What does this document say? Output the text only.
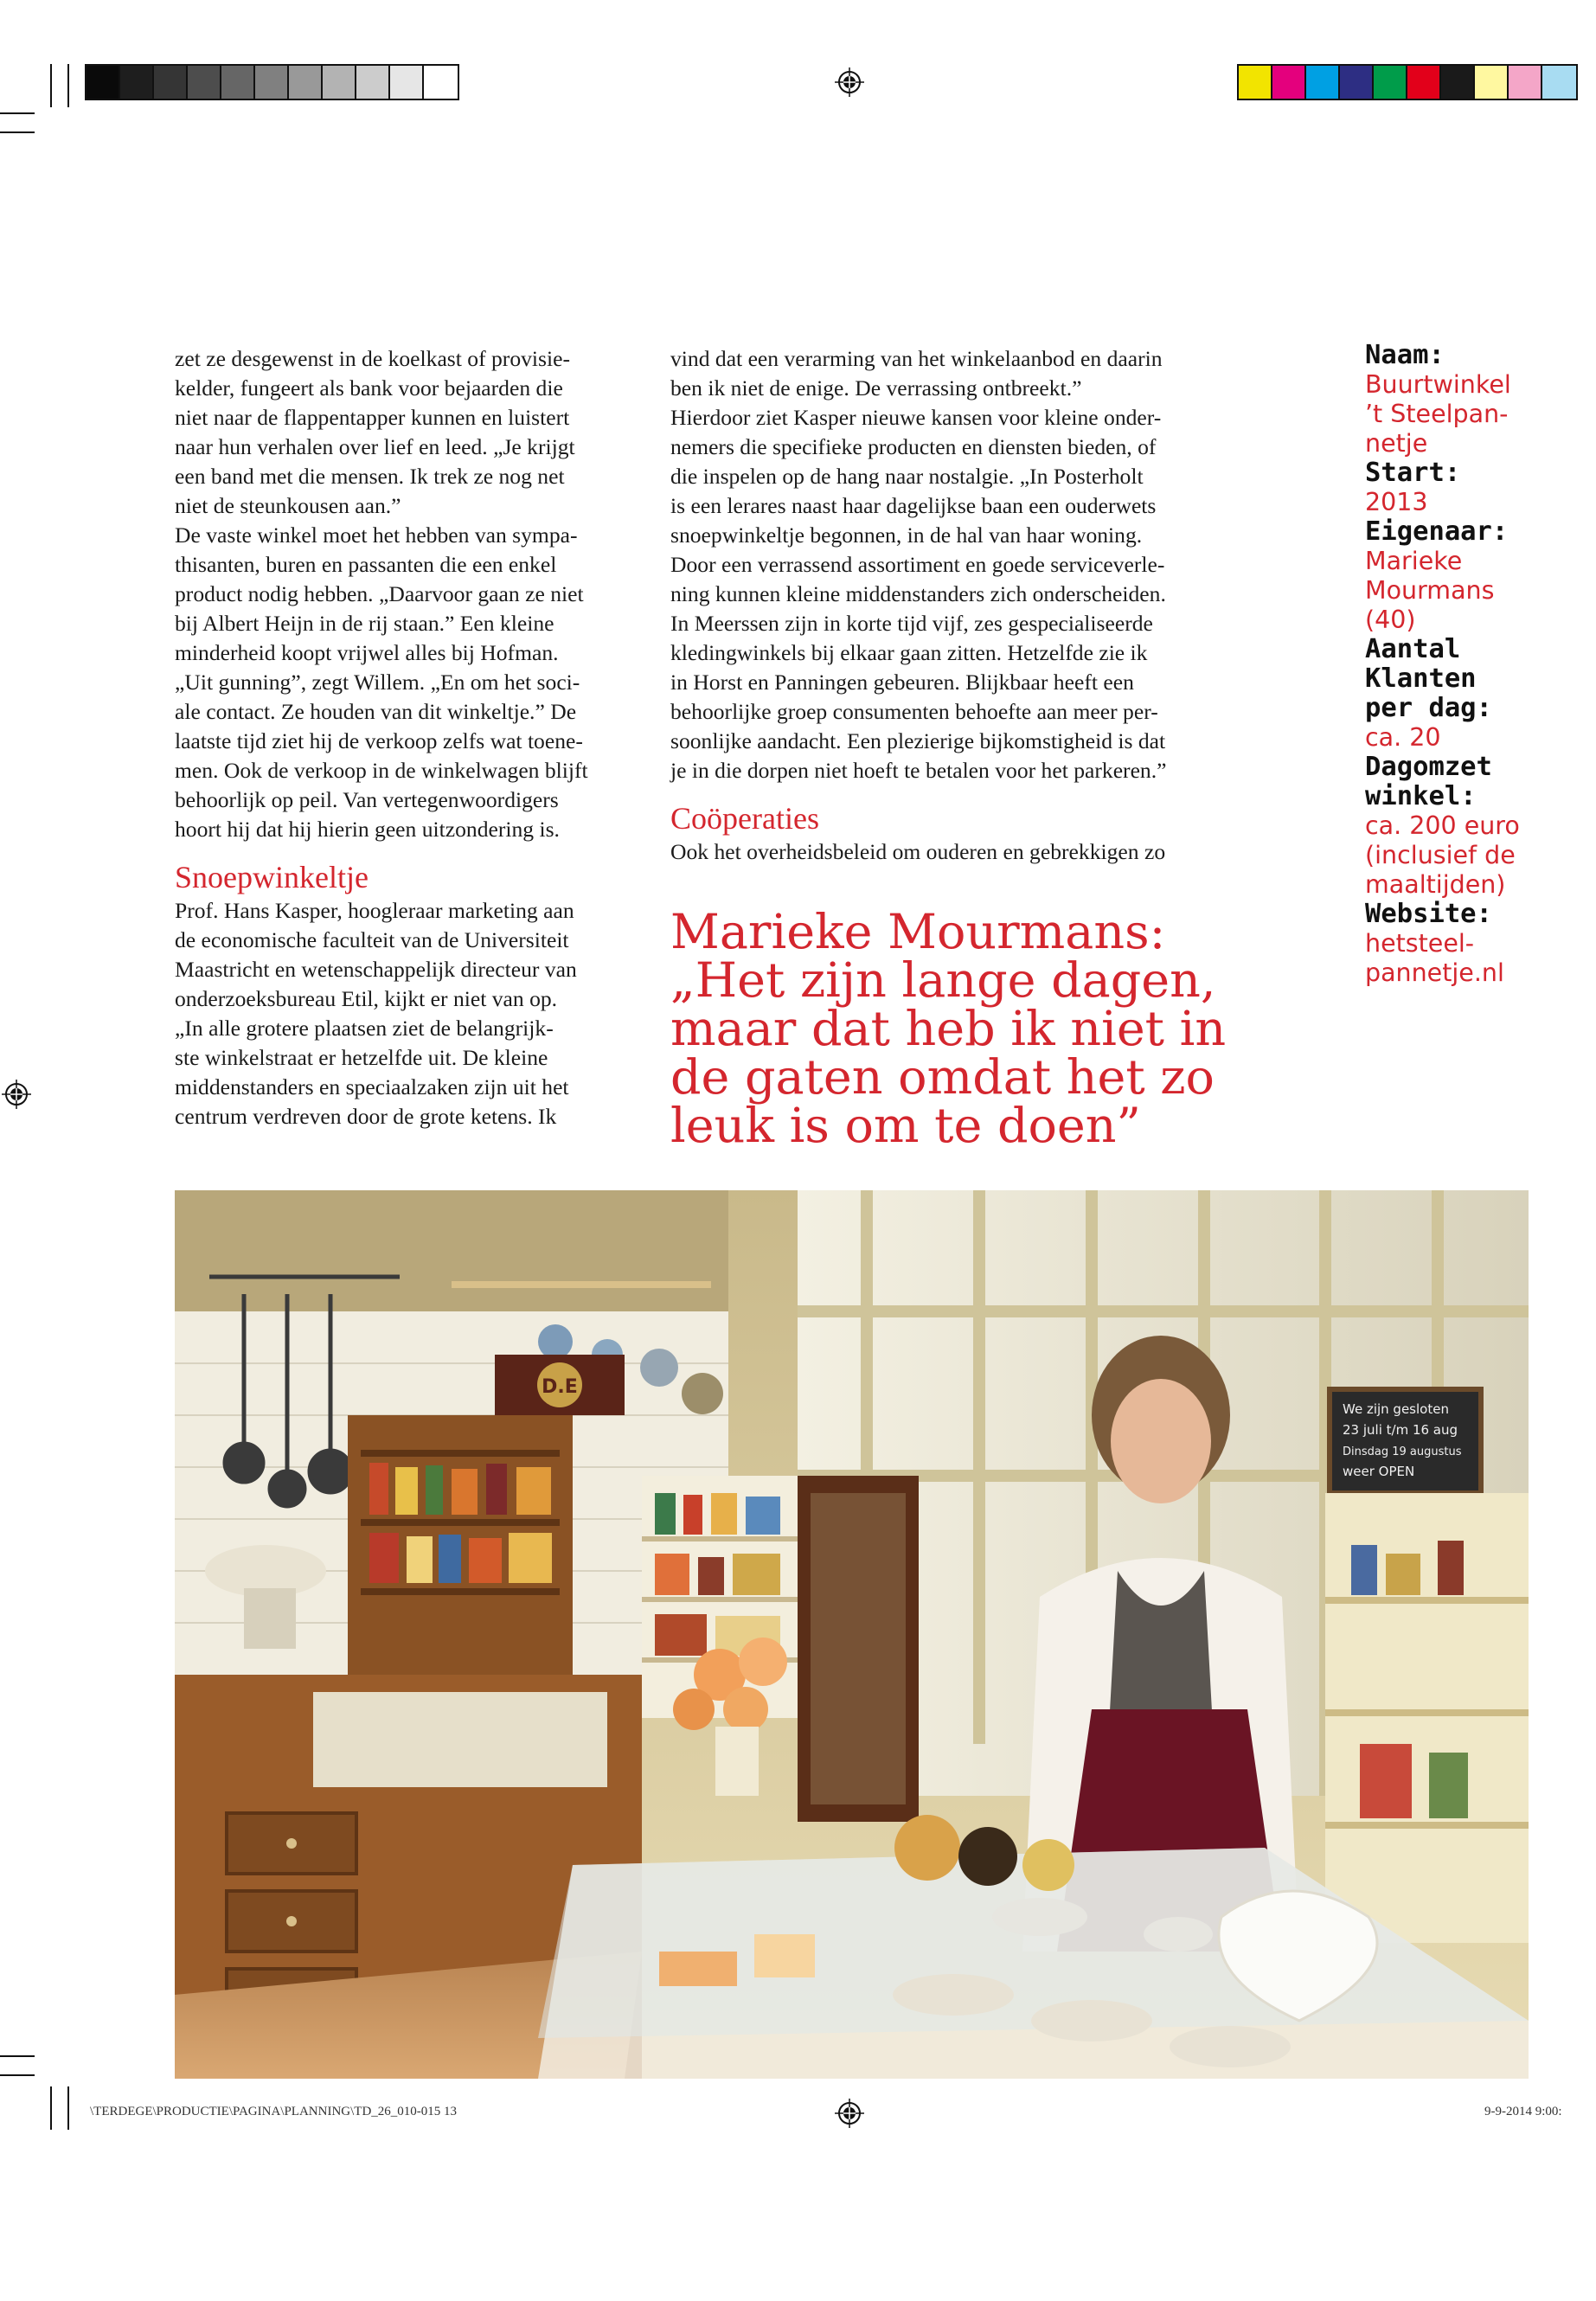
zet ze desgewenst in de koelkast of provisie-

kelder, fungeert als bank voor bejaarden die

niet naar de flappentapper kunnen en luistert

naar hun verhalen over lief en leed. „Je krijgt

een band met die mensen. Ik trek ze nog net

niet de steunkousen aan.”

De vaste winkel moet het hebben van sympa-

thisanten, buren en passanten die een enkel

product nodig hebben. „Daarvoor gaan ze niet

bij Albert Heijn in de rij staan.” Een kleine

minderheid koopt vrijwel alles bij Hofman.

„Uit gunning”, zegt Willem. „En om het soci-

ale contact. Ze houden van dit winkeltje.” De

laatste tijd ziet hij de verkoop zelfs wat toene-

men. Ook de verkoop in de winkelwagen blijft

behoorlijk op peil. Van vertegenwoordigers

hoort hij dat hij hierin geen uitzondering is.

Snoepwinkeltje

Prof. Hans Kasper, hoogleraar marketing aan

de economische faculteit van de Universiteit

Maastricht en wetenschappelijk directeur van

onderzoeksbureau Etil, kijkt er niet van op.

„In alle grotere plaatsen ziet de belangrijk-

ste winkelstraat er hetzelfde uit. De kleine

middenstanders en speciaalzaken zijn uit het

centrum verdreven door de grote ketens. Ik

vind dat een verarming van het winkelaanbod en daarin

ben ik niet de enige. De verrassing ontbreekt.”

Hierdoor ziet Kasper nieuwe kansen voor kleine onder-

nemers die specifieke producten en diensten bieden, of

die inspelen op de hang naar nostalgie. „In Posterholt

is een lerares naast haar dagelijkse baan een ouderwets

snoepwinkeltje begonnen, in de hal van haar woning.

Door een verrassend assortiment en goede serviceverle-

ning kunnen kleine middenstanders zich onderscheiden.

In Meerssen zijn in korte tijd vijf, zes gespecialiseerde

kledingwinkels bij elkaar gaan zitten. Hetzelfde zie ik

in Horst en Panningen gebeuren. Blijkbaar heeft een

behoorlijke groep consumenten behoefte aan meer per-

soonlijke aandacht. Een plezierige bijkomstigheid is dat

je in die dorpen niet hoeft te betalen voor het parkeren.”

Coöperaties

Ook het overheidsbeleid om ouderen en gebrekkigen zo

Marieke Mourmans:

„Het zijn lange dagen,

maar dat heb ik niet in

de gaten omdat het zo

leuk is om te doen”

Naam:
Buurtwinkel
’t Steelpan-
netje
Start:
2013
Eigenaar:
Marieke
Mourmans
(40)
Aantal
Klanten
per dag:
ca. 20
Dagomzet
winkel:
ca. 200 euro
(inclusief de
maaltijden)
Website:
hetsteel-
pannetje.nl
D.E
We zijn gesloten
23 juli t/m 16 aug
Dinsdag 19 augustus
weer OPEN
\TERDEGE\PRODUCTIE\PAGINA\PLANNING\TD_26_010-015 13	9-9-2014 9:00:
